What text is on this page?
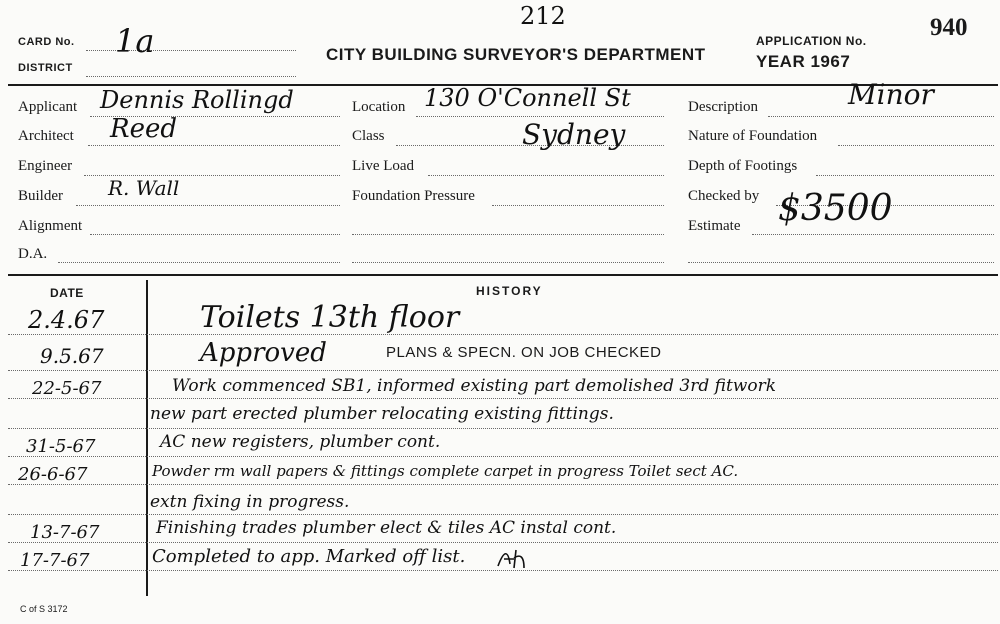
CARD No. 1a
DISTRICT
212
CITY BUILDING SURVEYOR'S DEPARTMENT
APPLICATION No.	940
YEAR 1967
Applicant Dennis Rollingd
Architect Reed
Engineer
Builder R. Wall
Alignment
D.A.
Location 130 O'Connell St
Class	Sydney
Live Load
Foundation Pressure
Description	Minor
Nature of Foundation
Depth of Footings
Checked by
Estimate $3500
DATE	HISTORY
2.4.67	Toilets 13th floor
9.5.67	Approved	PLANS & SPECN. ON JOB CHECKED
22-5-67	Work commenced SB1, informed existing part demolished 3rd fitwork
new part erected plumber relocating existing fittings.
31-5-67	AC new registers, plumber cont.
26-6-67	Powder rm wall papers & fittings complete carpet in progress Toilet sect AC.
extn fixing in progress.
13-7-67	Finishing trades plumber elect & tiles AC instal cont.
17-7-67	Completed to app. Marked off list.
C of S 3172
